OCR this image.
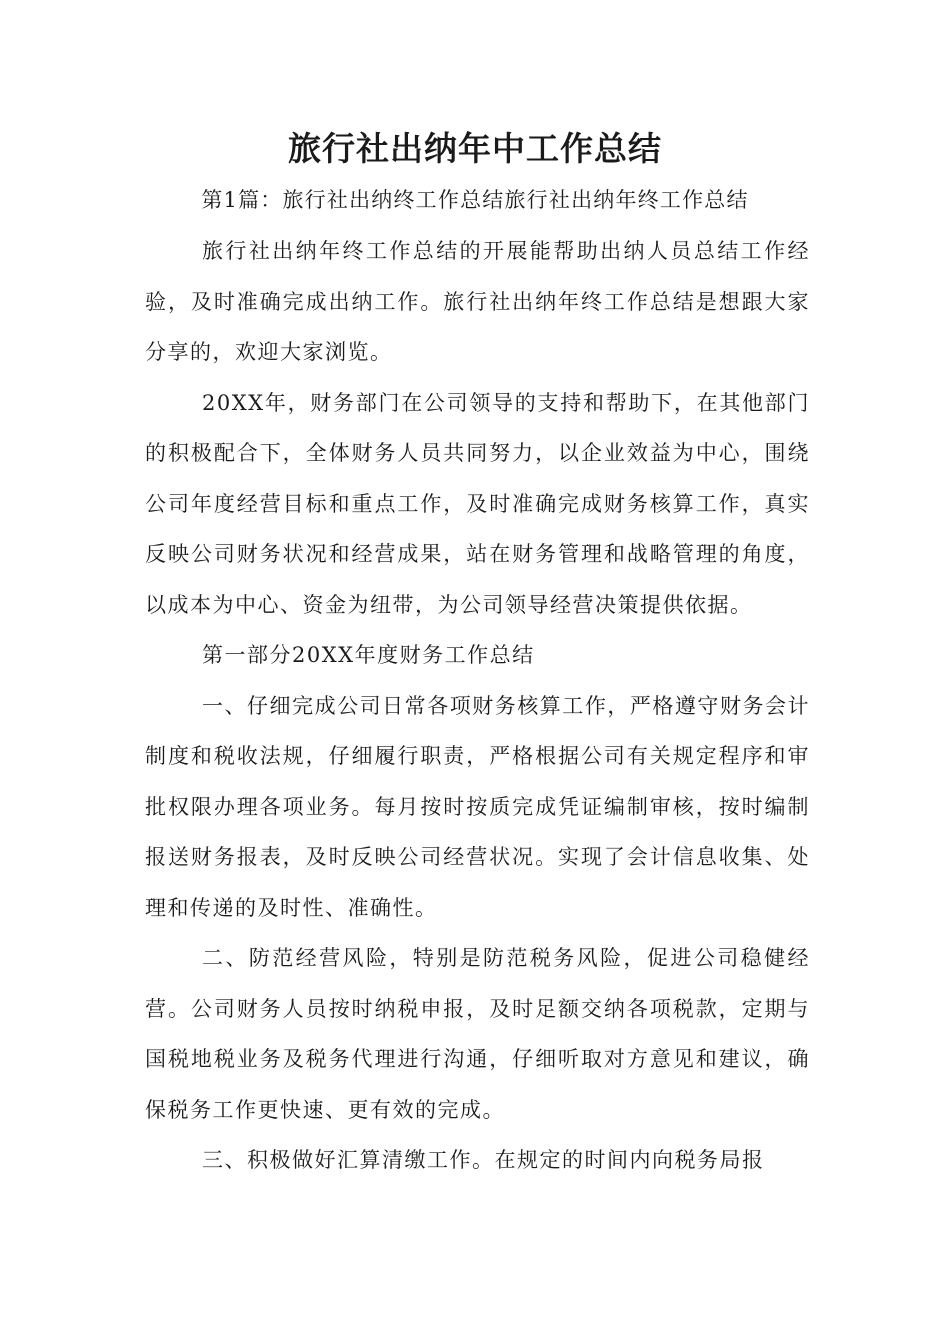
旅行社出纳年中工作总结
第1篇：旅行社出纳终工作总结旅行社出纳年终工作总结

旅行社出纳年终工作总结的开展能帮助出纳人员总结工作经验，及时准确完成出纳工作。旅行社出纳年终工作总结是想跟大家分享的，欢迎大家浏览。

20XX年，财务部门在公司领导的支持和帮助下，在其他部门的积极配合下，全体财务人员共同努力，以企业效益为中心，围绕公司年度经营目标和重点工作，及时准确完成财务核算工作，真实反映公司财务状况和经营成果，站在财务管理和战略管理的角度，以成本为中心、资金为纽带，为公司领导经营决策提供依据。

第一部分20XX年度财务工作总结

一、仔细完成公司日常各项财务核算工作，严格遵守财务会计制度和税收法规，仔细履行职责，严格根据公司有关规定程序和审批权限办理各项业务。每月按时按质完成凭证编制审核，按时编制报送财务报表，及时反映公司经营状况。实现了会计信息收集、处理和传递的及时性、准确性。

二、防范经营风险，特别是防范税务风险，促进公司稳健经营。公司财务人员按时纳税申报，及时足额交纳各项税款，定期与国税地税业务及税务代理进行沟通，仔细听取对方意见和建议，确保税务工作更快速、更有效的完成。

三、积极做好汇算清缴工作。在规定的时间内向税务局报
